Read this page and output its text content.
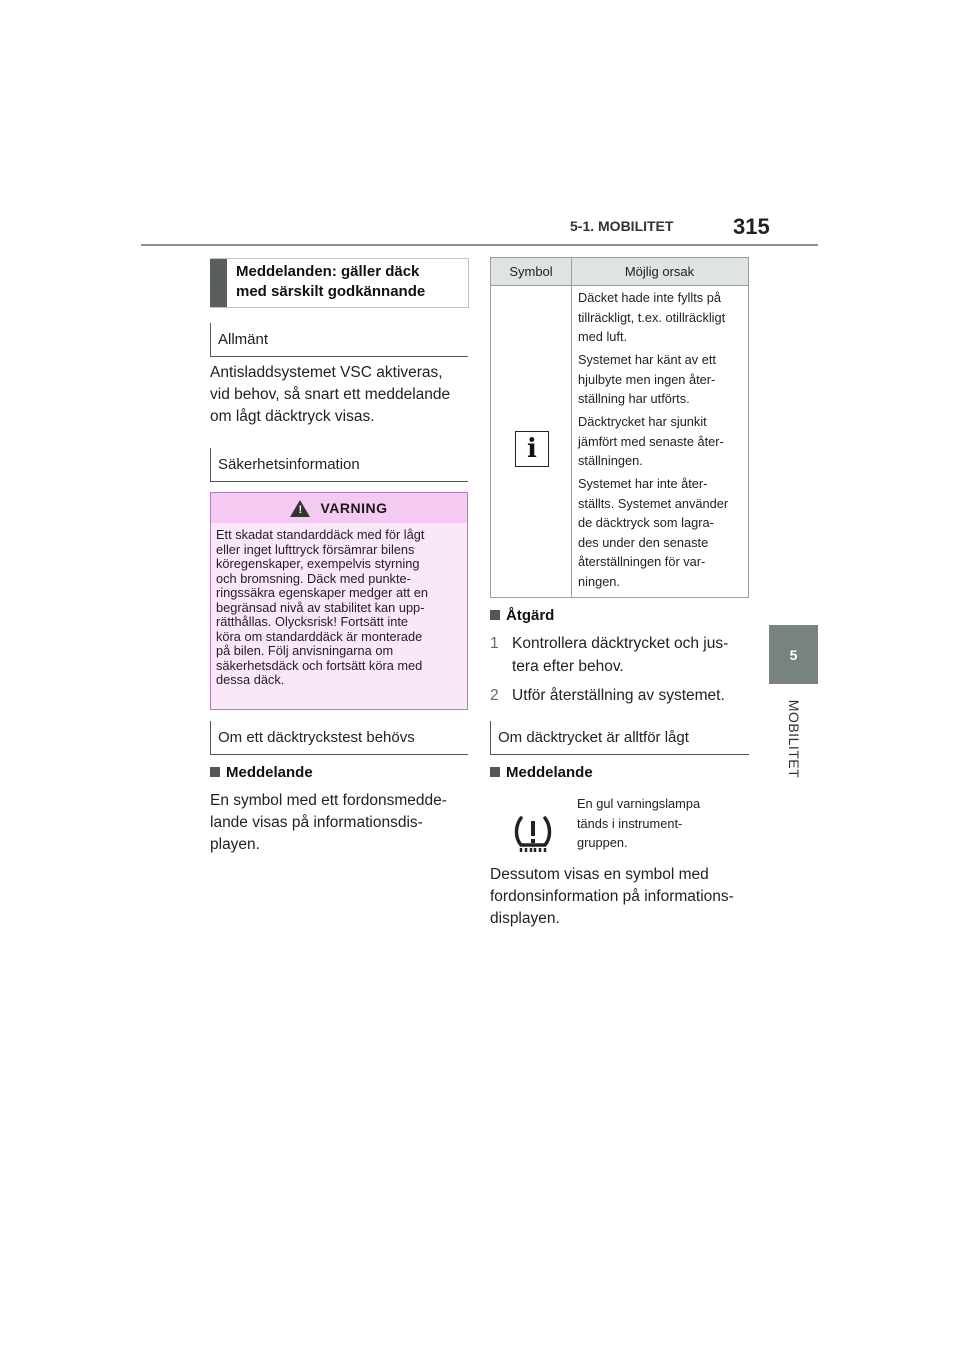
5-1. MOBILITET	315
5
MOBILITET
Meddelanden: gäller däck
med särskilt godkännande
Allmänt
Antisladdsystemet VSC aktiveras,
vid behov, så snart ett meddelande
om lågt däcktryck visas.
Säkerhetsinformation
! VARNING
Ett skadat standarddäck med för lågt
eller inget lufttryck försämrar bilens
köregenskaper, exempelvis styrning
och bromsning. Däck med punkte-
ringssäkra egenskaper medger att en
begränsad nivå av stabilitet kan upp-
rätthållas. Olycksrisk! Fortsätt inte
köra om standarddäck är monterade
på bilen. Följ anvisningarna om
säkerhetsdäck och fortsätt köra med
dessa däck.
Om ett däcktryckstest behövs
Meddelande
En symbol med ett fordonsmedde-
lande visas på informationsdis-
playen.
Symbol	Möjlig orsak
i
Däcket hade inte fyllts på
tillräckligt, t.ex. otillräckligt
med luft.
Systemet har känt av ett
hjulbyte men ingen åter-
ställning har utförts.
Däcktrycket har sjunkit
jämfört med senaste åter-
ställningen.
Systemet har inte åter-
ställts. Systemet använder
de däcktryck som lagra-
des under den senaste
återställningen för var-
ningen.
Åtgärd
1 Kontrollera däcktrycket och jus-
tera efter behov.
2 Utför återställning av systemet.
Om däcktrycket är alltför lågt
Meddelande
En gul varningslampa
tänds i instrument-
gruppen.
Dessutom visas en symbol med
fordonsinformation på informations-
displayen.
